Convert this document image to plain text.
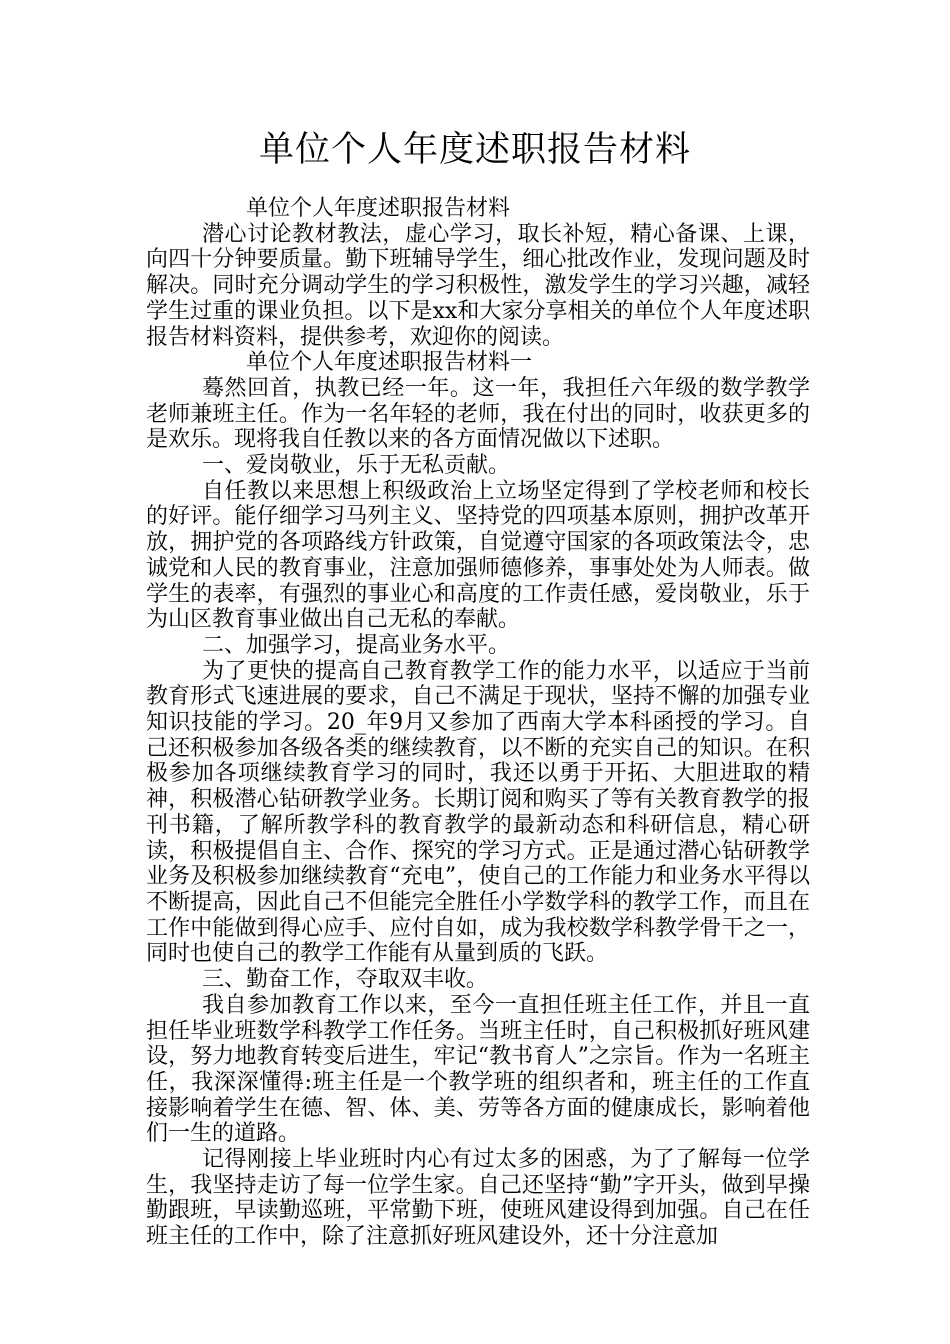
单位个人年度述职报告材料

单位个人年度述职报告材料

潜心讨论教材教法，虚心学习，取长补短，精心备课、上课，向四十分钟要质量。勤下班辅导学生，细心批改作业，发现问题及时解决。同时充分调动学生的学习积极性，激发学生的学习兴趣，减轻学生过重的课业负担。以下是xx和大家分享相关的单位个人年度述职报告材料资料，提供参考，欢迎你的阅读。

单位个人年度述职报告材料一

蓦然回首，执教已经一年。这一年，我担任六年级的数学教学老师兼班主任。作为一名年轻的老师，我在付出的同时，收获更多的是欢乐。现将我自任教以来的各方面情况做以下述职。

一、爱岗敬业，乐于无私贡献。

自任教以来思想上积级政治上立场坚定得到了学校老师和校长的好评。能仔细学习马列主义、坚持党的四项基本原则，拥护改革开放，拥护党的各项路线方针政策，自觉遵守国家的各项政策法令，忠诚党和人民的教育事业，注意加强师德修养，事事处处为人师表。做学生的表率，有强烈的事业心和高度的工作责任感，爱岗敬业，乐于为山区教育事业做出自己无私的奉献。

二、加强学习，提高业务水平。

为了更快的提高自己教育教学工作的能力水平，以适应于当前教育形式飞速进展的要求，自己不满足于现状，坚持不懈的加强专业知识技能的学习。20_年9月又参加了西南大学本科函授的学习。自己还积极参加各级各类的继续教育，以不断的充实自己的知识。在积极参加各项继续教育学习的同时，我还以勇于开拓、大胆进取的精神，积极潜心钻研教学业务。长期订阅和购买了等有关教育教学的报刊书籍，了解所教学科的教育教学的最新动态和科研信息，精心研读，积极提倡自主、合作、探究的学习方式。正是通过潜心钻研教学业务及积极参加继续教育“充电”，使自己的工作能力和业务水平得以不断提高，因此自己不但能完全胜任小学数学科的教学工作，而且在工作中能做到得心应手、应付自如，成为我校数学科教学骨干之一，同时也使自己的教学工作能有从量到质的飞跃。

三、勤奋工作，夺取双丰收。

我自参加教育工作以来，至今一直担任班主任工作，并且一直担任毕业班数学科教学工作任务。当班主任时，自己积极抓好班风建设，努力地教育转变后进生，牢记“教书育人”之宗旨。作为一名班主任，我深深懂得:班主任是一个教学班的组织者和，班主任的工作直接影响着学生在德、智、体、美、劳等各方面的健康成长，影响着他们一生的道路。

记得刚接上毕业班时内心有过太多的困惑，为了了解每一位学生，我坚持走访了每一位学生家。自己还坚持“勤”字开头，做到早操勤跟班，早读勤巡班，平常勤下班，使班风建设得到加强。自己在任班主任的工作中，除了注意抓好班风建设外，还十分注意加
